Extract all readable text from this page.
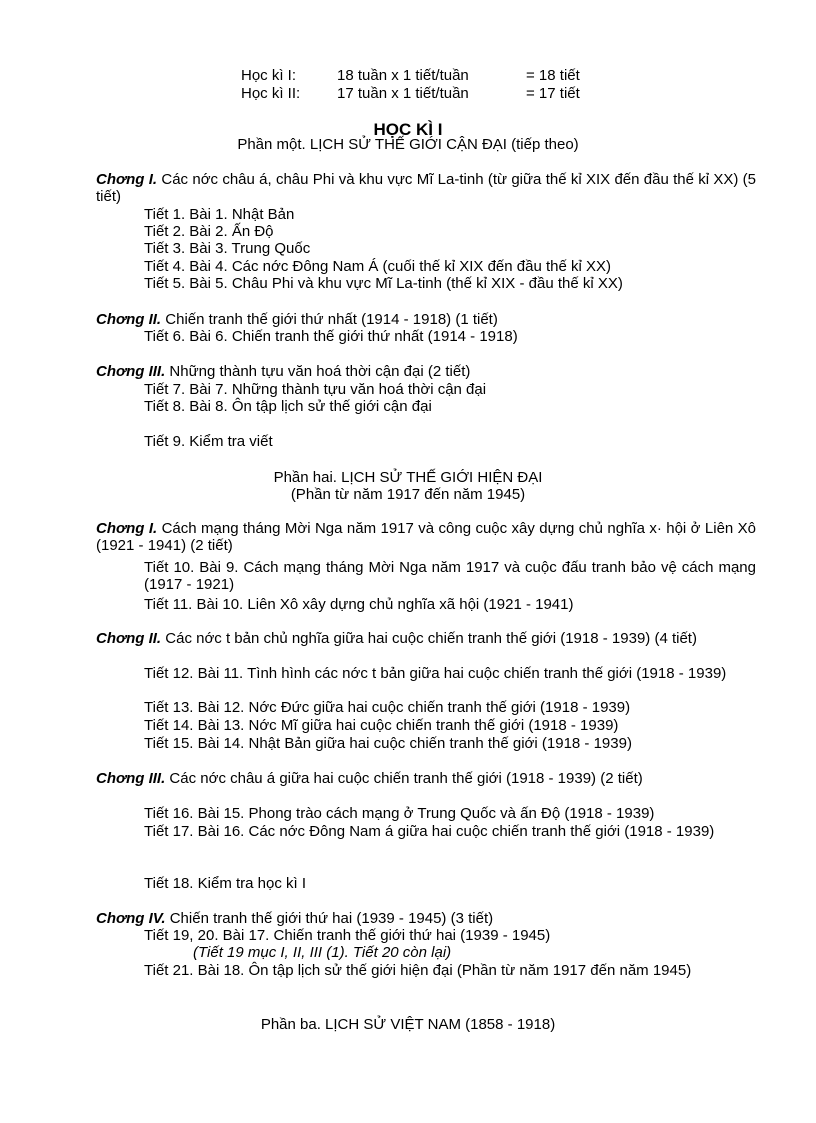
Học kì I:	18 tuần x 1 tiết/tuần	= 18 tiết
Học kì II: 17 tuần x 1 tiết/tuần	= 17 tiết
HỌC KÌ I
Phần một. LỊCH SỬ THẾ GIỚI CẬN ĐẠI (tiếp theo)
Chơng I. Các nớc châu á, châu Phi và khu vực Mĩ La-tinh (từ giữa thế kỉ XIX đến đầu thế kỉ XX) (5 tiết)
Tiết 1. Bài 1. Nhật Bản
Tiết 2. Bài 2. Ấn Độ
Tiết 3. Bài 3. Trung Quốc
Tiết 4. Bài 4. Các nớc Đông Nam Á (cuối thế kỉ XIX đến đầu thế kỉ XX)
Tiết 5. Bài 5. Châu Phi và khu vực Mĩ La-tinh (thế kỉ XIX - đầu thế kỉ XX)
Chơng II. Chiến tranh thế giới thứ nhất (1914 - 1918) (1 tiết)
Tiết 6. Bài 6. Chiến tranh thế giới thứ nhất (1914 - 1918)
Chơng III. Những thành tựu văn hoá thời cận đại (2 tiết)
Tiết 7. Bài 7. Những thành tựu văn hoá thời cận đại
Tiết 8. Bài 8. Ôn tập lịch sử thế giới cận đại
Tiết 9. Kiểm tra viết
Phần hai. LỊCH SỬ THẾ GIỚI HIỆN ĐẠI
(Phần từ năm 1917 đến năm 1945)
Chơng I. Cách mạng tháng Mời Nga năm 1917 và công cuộc xây dựng chủ nghĩa x· hội ở Liên Xô (1921 - 1941) (2 tiết)
Tiết 10. Bài 9. Cách mạng tháng Mời Nga năm 1917 và cuộc đấu tranh bảo vệ cách mạng (1917 - 1921)
Tiết 11. Bài 10. Liên Xô xây dựng chủ nghĩa xã hội (1921 - 1941)
Chơng II. Các nớc t bản chủ nghĩa giữa hai cuộc chiến tranh thế giới (1918 - 1939) (4 tiết)
Tiết 12. Bài 11. Tình hình các nớc t bản giữa hai cuộc chiến tranh thế giới (1918 - 1939)
Tiết 13. Bài 12. Nớc Đức giữa hai cuộc chiến tranh thế giới (1918 - 1939)
Tiết 14. Bài 13. Nớc Mĩ giữa hai cuộc chiến tranh thế giới (1918 - 1939)
Tiết 15. Bài 14. Nhật Bản giữa hai cuộc chiến tranh thế giới (1918 - 1939)
Chơng III. Các nớc châu á giữa hai cuộc chiến tranh thế giới (1918 - 1939) (2 tiết)
Tiết 16. Bài 15. Phong trào cách mạng ở Trung Quốc và ấn Độ (1918 - 1939)
Tiết 17. Bài 16. Các nớc Đông Nam á giữa hai cuộc chiến tranh thế giới (1918 - 1939)
Tiết 18. Kiểm tra học kì I
Chơng IV. Chiến tranh thế giới thứ hai (1939 - 1945) (3 tiết)
Tiết 19, 20. Bài 17. Chiến tranh thế giới thứ hai (1939 - 1945)
(Tiết 19 mục I, II, III (1). Tiết 20 còn lại)
Tiết 21. Bài 18. Ôn tập lịch sử thế giới hiện đại (Phần từ năm 1917 đến năm 1945)
Phần ba. LỊCH SỬ VIỆT NAM (1858 - 1918)
